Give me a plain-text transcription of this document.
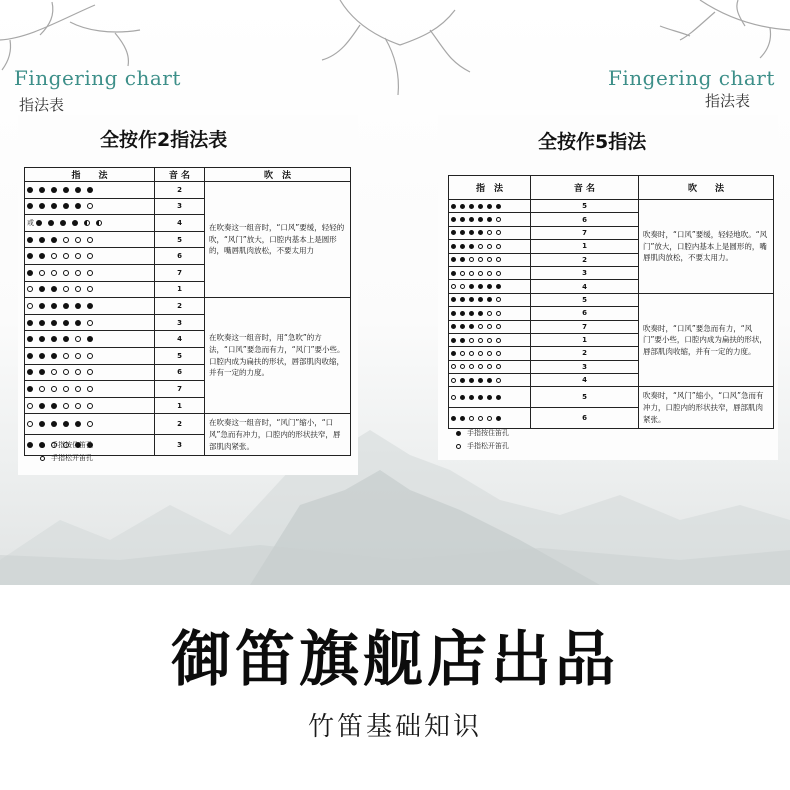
Fingering chart
指法表
Fingering chart
指法表
全按作2指法表
指　　法	音 名	吹　法
	2	在吹奏这一组音时，“口风”要缓，轻轻的吹，“风门”放大，口腔内基本上是圆形的，嘴唇肌肉放松，不要太用力
	3	
或	4	
	5	
	6	
	7	
	1	
	2	在吹奏这一组音时，用“急吹”的方法，“口风”要急而有力，“风门”要小些。口腔内成为扁扶的形状，唇部肌肉收缩，并有一定的力度。
	3	
	4	
	5	
	6	
	7	
	1	
	2	在吹奏这一组音时，“风门”缩小，“口风”急而有冲力，口腔内的形状扶窄，唇部肌肉紧张。
	3	
手指按住笛孔
手指松开笛孔
全按作5指法
指　法	音 名	吹　　法
	5	吹奏时，“口风”要缓，轻轻地吹。“风门”放大，口腔内基本上是圆形的，嘴唇肌肉放松，不要太用力。
	6	
	7	
	1	
	2	
	3	
	4	
	5	吹奏时，“口风”要急而有力，“风门”要小些，口腔内成为扁扶的形状，唇部肌肉收缩，并有一定的力度。
	6	
	7	
	1	
	2	
	3	
	4	
	5	吹奏时，“风门”缩小，“口风”急而有冲力，口腔内的形状扶窄，唇部肌肉紧张。
	6	
手指按住笛孔
手指松开笛孔
御笛旗舰店出品
竹笛基础知识
